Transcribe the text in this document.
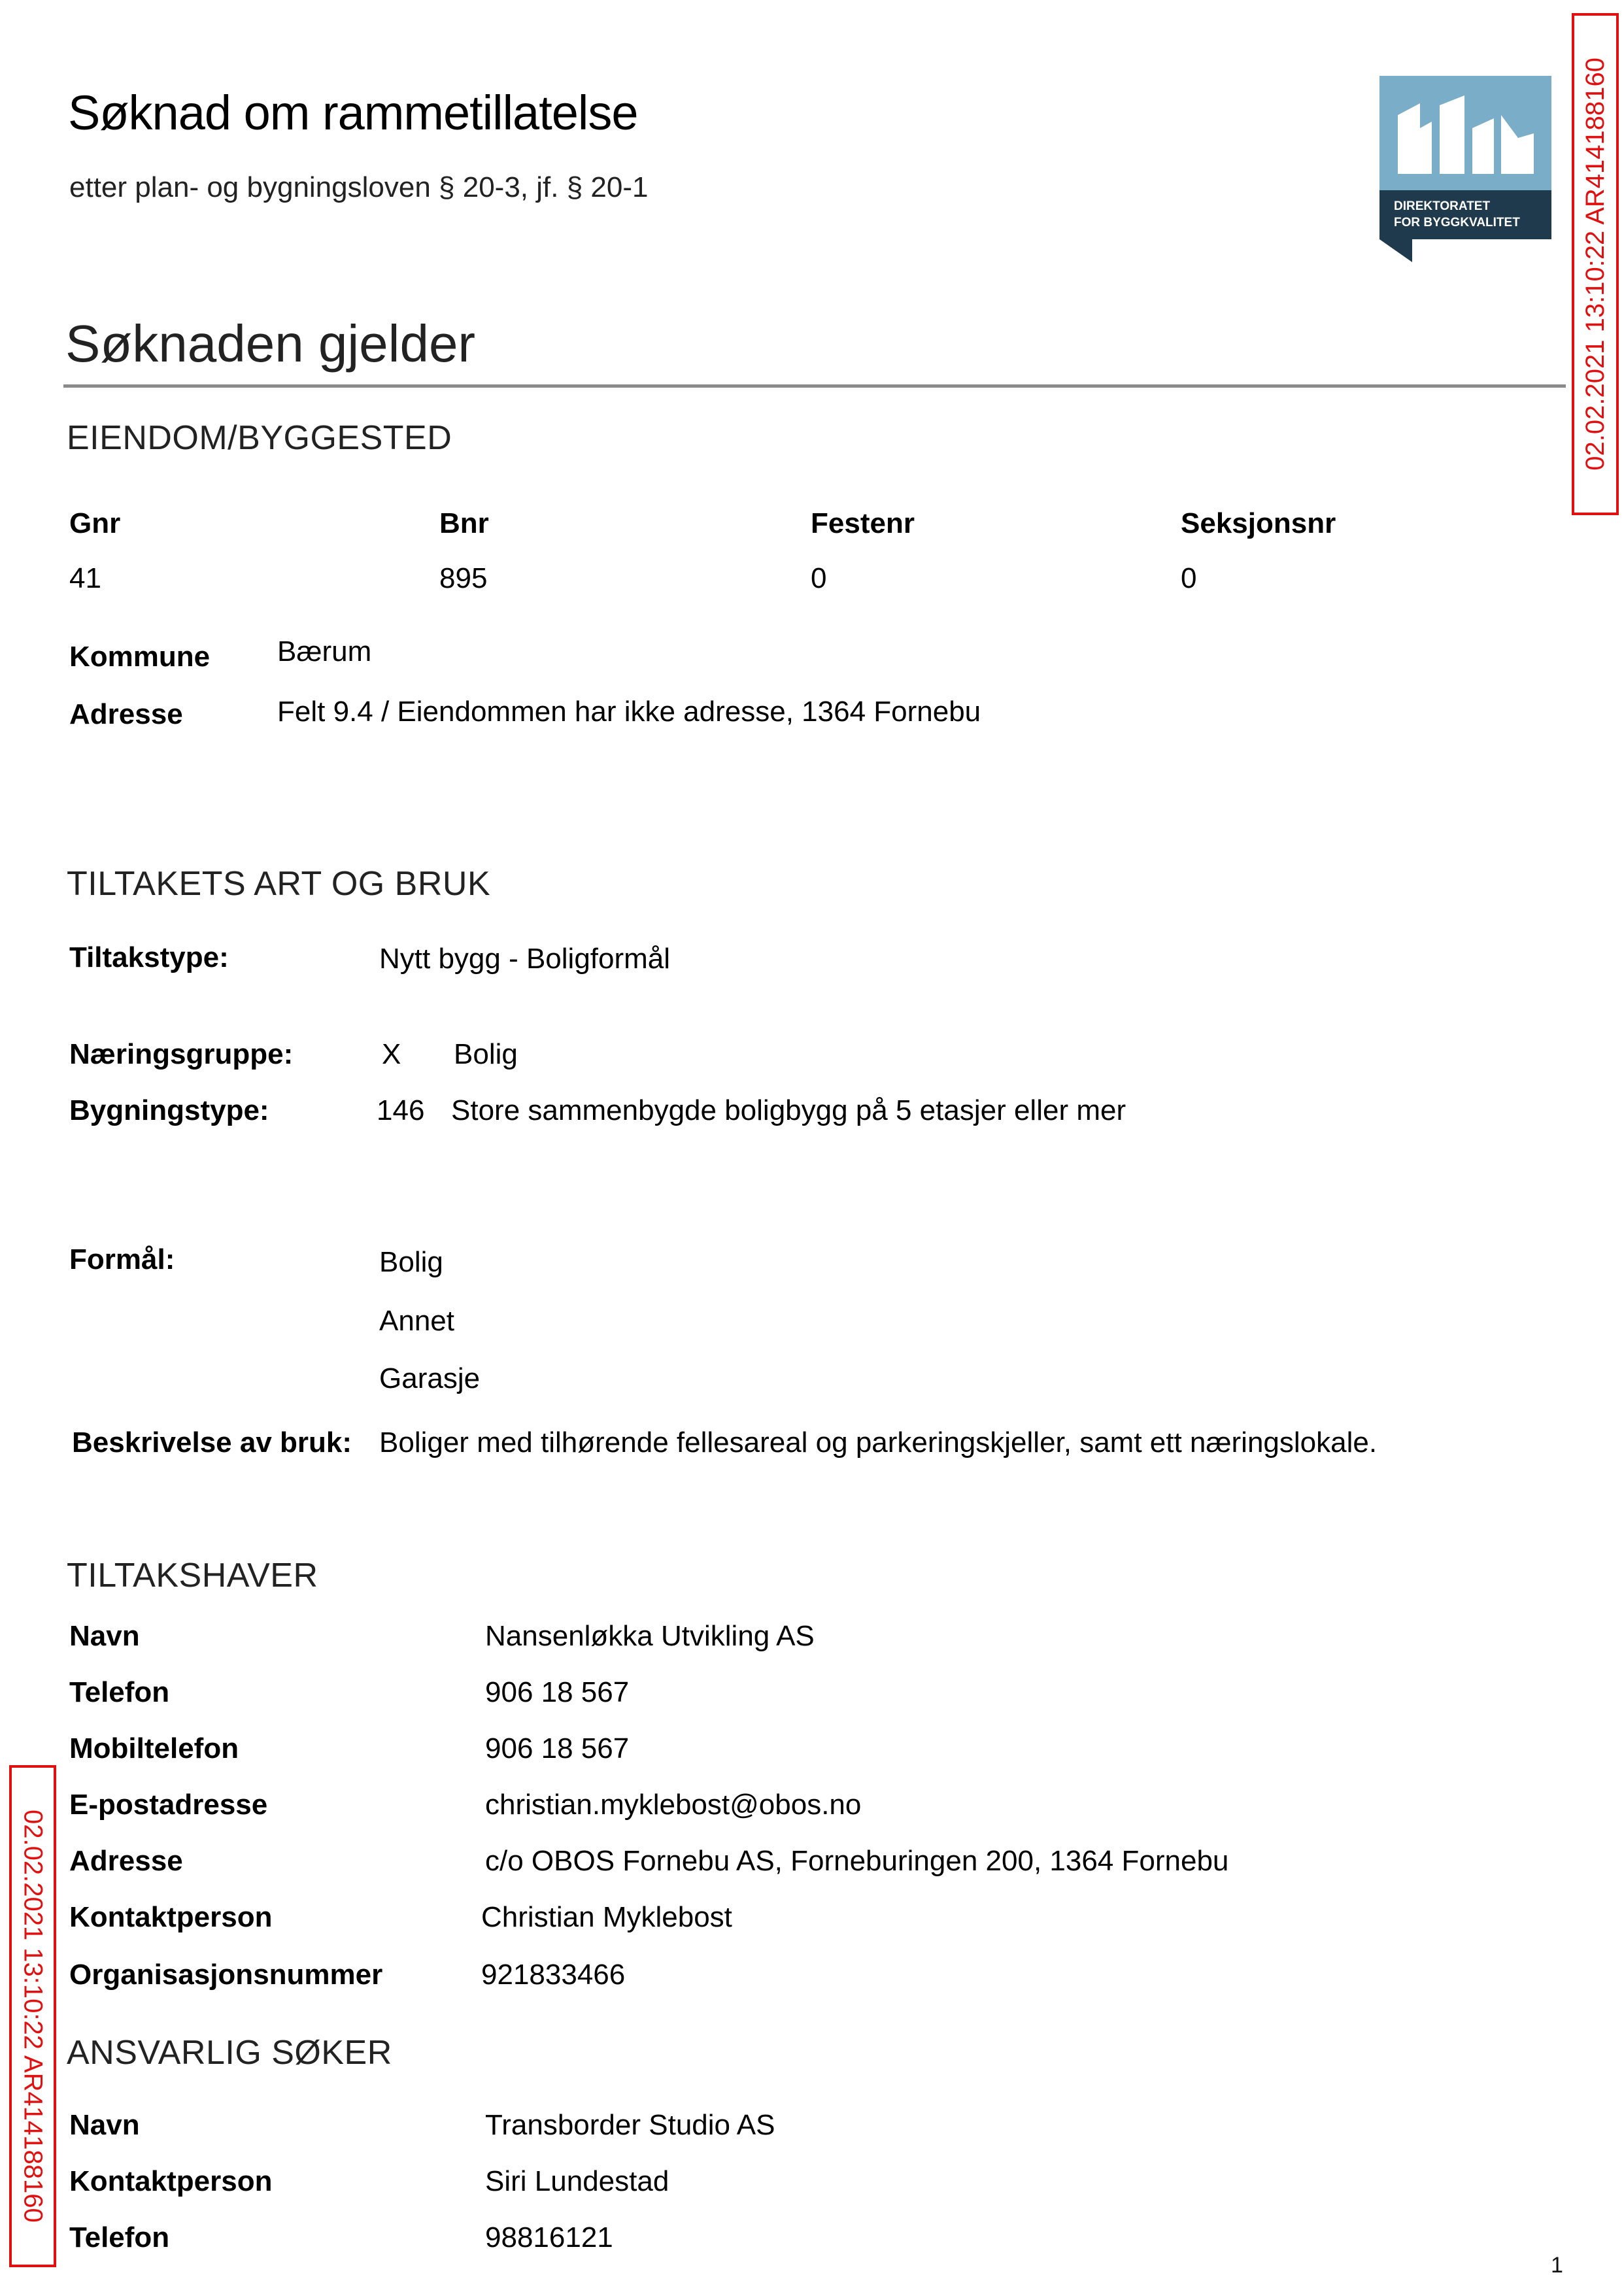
Søknad om rammetillatelse
etter plan- og bygningsloven § 20-3, jf. § 20-1
DIREKTORATET
FOR BYGGKVALITET 02.02.2021 13:10:22 AR414188160
02.02.2021 13:10:22 AR414188160
Søknaden gjelder
EIENDOM/BYGGESTED
Gnr	Bnr	Festenr	Seksjonsnr
41	895	0	0
Kommune Bærum
Adresse	Felt 9.4 / Eiendommen har ikke adresse, 1364 Fornebu
TILTAKETS ART OG BRUK
Tiltakstype:	Nytt bygg - Boligformål
Næringsgruppe:	X Bolig
Bygningstype:	146 Store sammenbygde boligbygg på 5 etasjer eller mer
Formål:	Bolig
Annet
Garasje
Beskrivelse av bruk: Boliger med tilhørende fellesareal og parkeringskjeller, samt ett næringslokale.
TILTAKSHAVER
Navn	Nansenløkka Utvikling AS
Telefon	906 18 567
Mobiltelefon	906 18 567
E-postadresse	christian.myklebost@obos.no
Adresse	c/o OBOS Fornebu AS, Forneburingen 200, 1364 Fornebu
Kontaktperson	Christian Myklebost
Organisasjonsnummer	921833466
ANSVARLIG SØKER
Navn	Transborder Studio AS
Kontaktperson	Siri Lundestad
Telefon	98816121
1
